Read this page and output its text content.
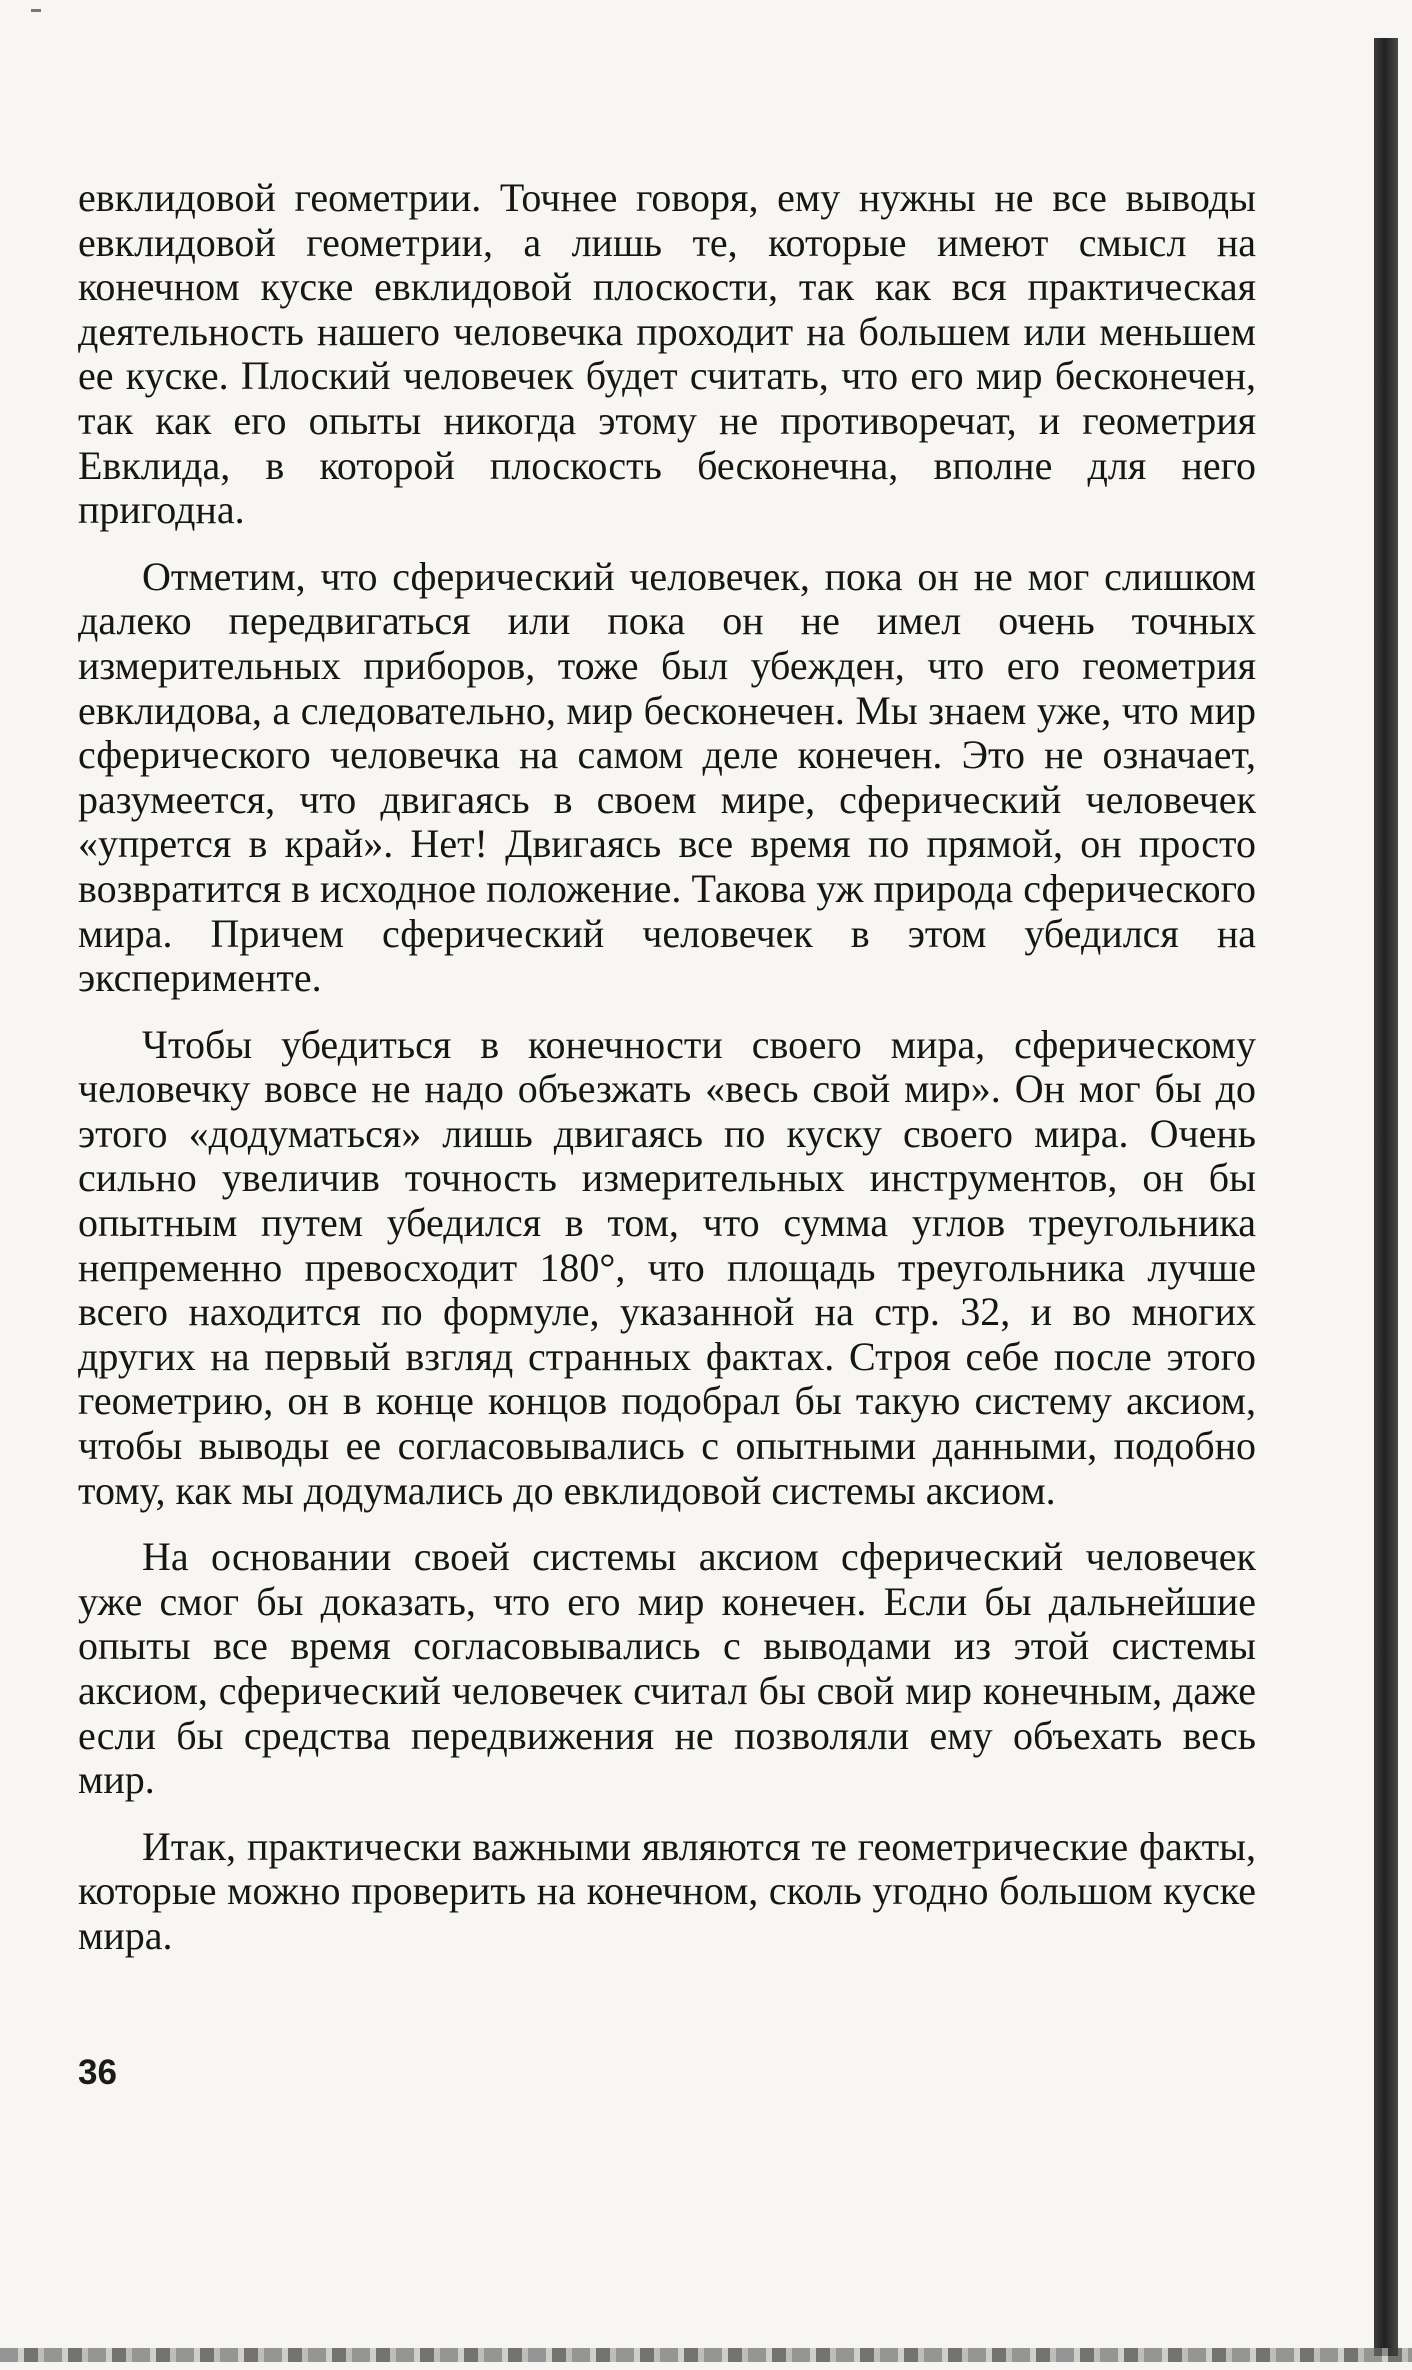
евклидовой геометрии. Точнее говоря, ему нужны не все выводы евклидовой геометрии, а лишь те, которые имеют смысл на конечном куске евклидовой плоскости, так как вся практическая деятельность нашего человечка проходит на большем или меньшем ее куске. Плоский человечек будет считать, что его мир бесконечен, так как его опыты никогда этому не противоречат, и геометрия Евклида, в которой плоскость бесконечна, вполне для него пригодна.

Отметим, что сферический человечек, пока он не мог слишком далеко передвигаться или пока он не имел очень точных измерительных приборов, тоже был убежден, что его геометрия евклидова, а следовательно, мир бесконечен. Мы знаем уже, что мир сферического человечка на самом деле конечен. Это не означает, разумеется, что двигаясь в своем мире, сферический человечек «упрется в край». Нет! Двигаясь все время по прямой, он просто возвратится в исходное положение. Такова уж природа сферического мира. Причем сферический человечек в этом убедился на эксперименте.

Чтобы убедиться в конечности своего мира, сферическому человечку вовсе не надо объезжать «весь свой мир». Он мог бы до этого «додуматься» лишь двигаясь по куску своего мира. Очень сильно увеличив точность измерительных инструментов, он бы опытным путем убедился в том, что сумма углов треугольника непременно превосходит 180°, что площадь треугольника лучше всего находится по формуле, указанной на стр. 32, и во многих других на первый взгляд странных фактах. Строя себе после этого геометрию, он в конце концов подобрал бы такую систему аксиом, чтобы выводы ее согласовывались с опытными данными, подобно тому, как мы додумались до евклидовой системы аксиом.

На основании своей системы аксиом сферический человечек уже смог бы доказать, что его мир конечен. Если бы дальнейшие опыты все время согласовывались с выводами из этой системы аксиом, сферический человечек считал бы свой мир конечным, даже если бы средства передвижения не позволяли ему объехать весь мир.

Итак, практически важными являются те геометрические факты, которые можно проверить на конечном, сколь угодно большом куске мира.

36
